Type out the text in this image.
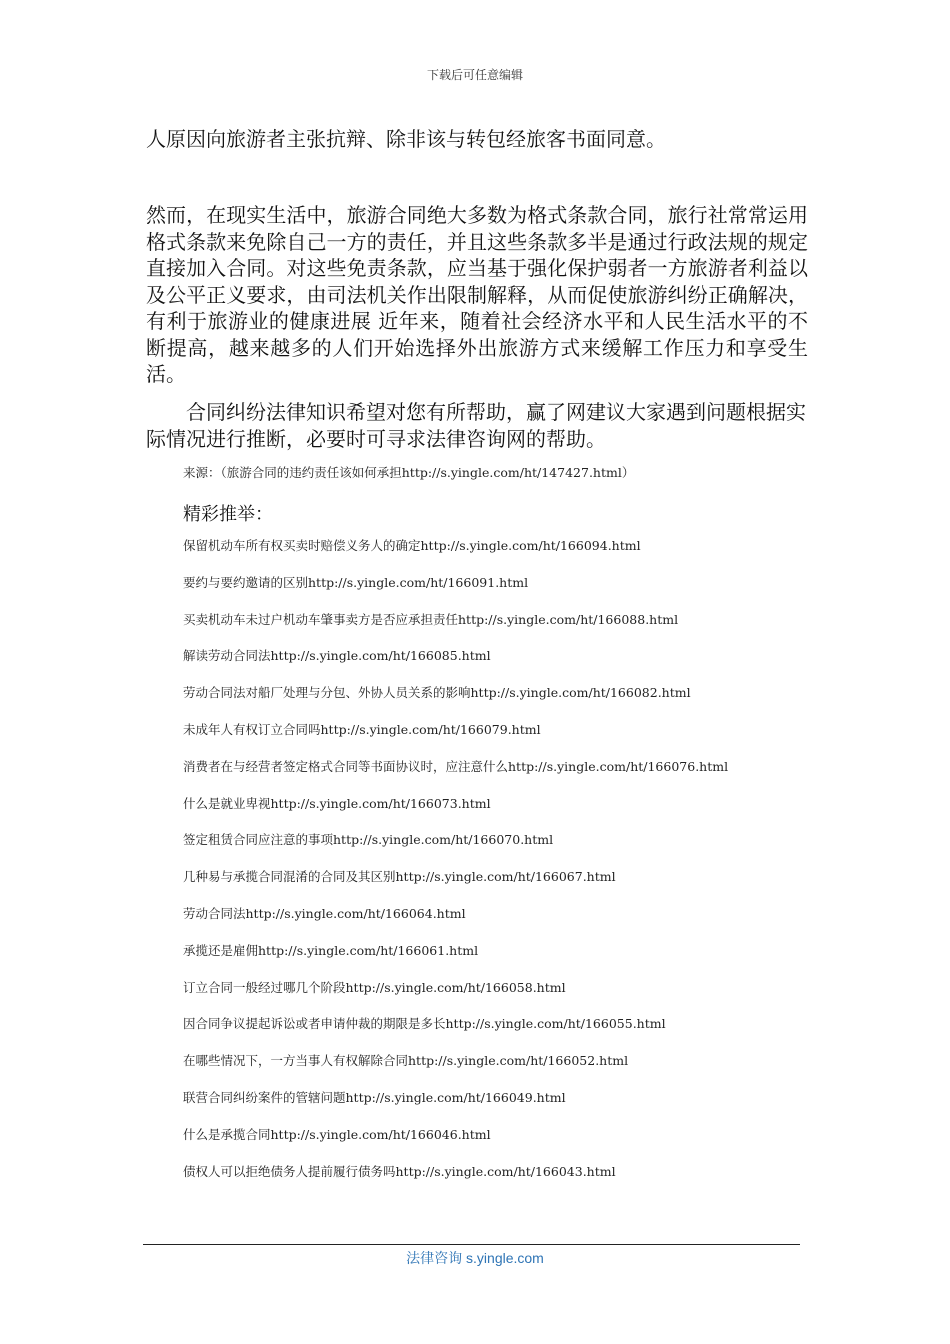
下载后可任意编辑
人原因向旅游者主张抗辩、除非该与转包经旅客书面同意。
然而，在现实生活中，旅游合同绝大多数为格式条款合同，旅行社常常运用格式条款来免除自己一方的责任，并且这些条款多半是通过行政法规的规定直接加入合同。对这些免责条款，应当基于强化保护弱者一方旅游者利益以及公平正义要求，由司法机关作出限制解释，从而促使旅游纠纷正确解决，有利于旅游业的健康进展 近年来，随着社会经济水平和人民生活水平的不断提高，越来越多的人们开始选择外出旅游方式来缓解工作压力和享受生活。
合同纠纷法律知识希望对您有所帮助，赢了网建议大家遇到问题根据实际情况进行推断，必要时可寻求法律咨询网的帮助。
来源：（旅游合同的违约责任该如何承担http://s.yingle.com/ht/147427.html）
精彩推举：
保留机动车所有权买卖时赔偿义务人的确定http://s.yingle.com/ht/166094.html
要约与要约邀请的区别http://s.yingle.com/ht/166091.html
买卖机动车未过户机动车肇事卖方是否应承担责任http://s.yingle.com/ht/166088.html
解读劳动合同法http://s.yingle.com/ht/166085.html
劳动合同法对船厂处理与分包、外协人员关系的影响http://s.yingle.com/ht/166082.html
未成年人有权订立合同吗http://s.yingle.com/ht/166079.html
消费者在与经营者签定格式合同等书面协议时，应注意什么http://s.yingle.com/ht/166076.html
什么是就业卑视http://s.yingle.com/ht/166073.html
签定租赁合同应注意的事项http://s.yingle.com/ht/166070.html
几种易与承揽合同混淆的合同及其区别http://s.yingle.com/ht/166067.html
劳动合同法http://s.yingle.com/ht/166064.html
承揽还是雇佣http://s.yingle.com/ht/166061.html
订立合同一般经过哪几个阶段http://s.yingle.com/ht/166058.html
因合同争议提起诉讼或者申请仲裁的期限是多长http://s.yingle.com/ht/166055.html
在哪些情况下，一方当事人有权解除合同http://s.yingle.com/ht/166052.html
联营合同纠纷案件的管辖问题http://s.yingle.com/ht/166049.html
什么是承揽合同http://s.yingle.com/ht/166046.html
债权人可以拒绝债务人提前履行债务吗http://s.yingle.com/ht/166043.html
法律咨询 s.yingle.com
